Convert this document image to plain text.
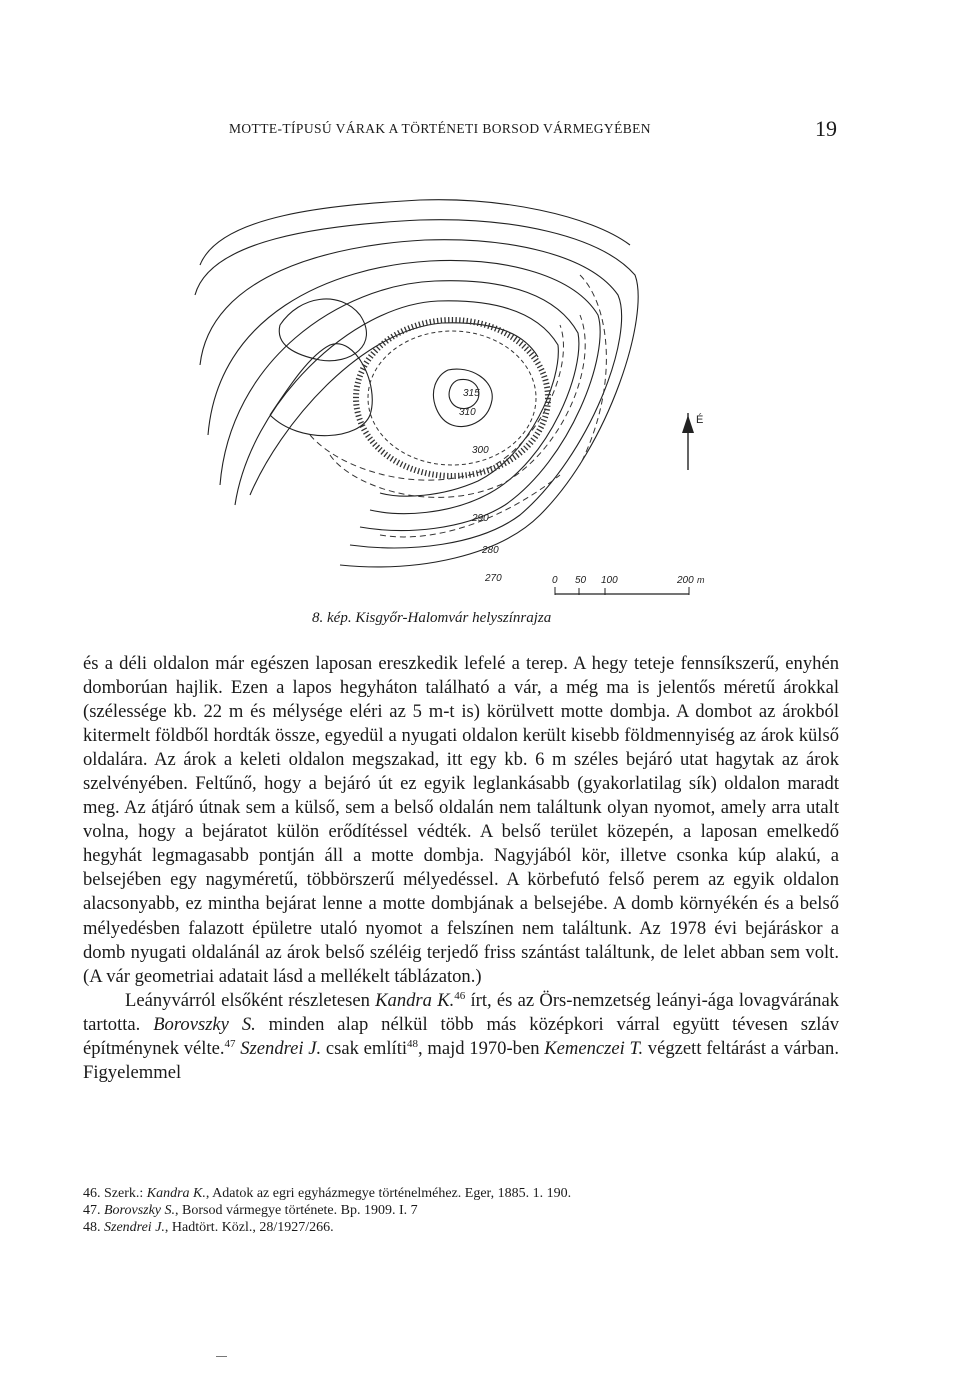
MOTTE-TÍPUSÚ VÁRAK A TÖRTÉNETI BORSOD VÁRMEGYÉBEN	19
315
310
300
290
280
270
É
0 50 100	200 m
8. kép. Kisgyőr-Halomvár helyszínrajza

és a déli oldalon már egészen laposan ereszkedik lefelé a terep. A hegy teteje fennsíkszerű, enyhén domborúan hajlik. Ezen a lapos hegyháton található a vár, a még ma is jelentős méretű árokkal (szélessége kb. 22 m és mélysége eléri az 5 m-t is) körülvett motte dombja. A dombot az árokból kitermelt földből hordták össze, egyedül a nyugati oldalon került kisebb földmennyiség az árok külső oldalára. Az árok a keleti oldalon megszakad, itt egy kb. 6 m széles bejáró utat hagytak az árok szelvényében. Feltűnő, hogy a bejáró út ez egyik leglankásabb (gyakorlatilag sík) oldalon maradt meg. Az átjáró útnak sem a külső, sem a belső oldalán nem találtunk olyan nyomot, amely arra utalt volna, hogy a bejáratot külön erődítéssel védték. A belső terület közepén, a laposan emelkedő hegyhát legmagasabb pontján áll a motte dombja. Nagyjából kör, illetve csonka kúp alakú, a belsejében egy nagyméretű, többörszerű mélyedéssel. A körbefutó felső perem az egyik oldalon alacsonyabb, ez mintha bejárat lenne a motte dombjának a belsejébe. A domb környékén és a belső mélyedésben falazott épületre utaló nyomot a felszínen nem találtunk. Az 1978 évi bejáráskor a domb nyugati oldalánál az árok belső széléig terjedő friss szántást találtunk, de lelet abban sem volt. (A vár geometriai adatait lásd a mellékelt táblázaton.)

Leányvárról elsőként részletesen Kandra K.$^{46}$ írt, és az Örs-nemzetség leányi-ága lovagvárának tartotta. Borovszky S. minden alap nélkül több más középkori várral együtt tévesen szláv építménynek vélte.$^{47}$ Szendrei J. csak említi$^{48}$, majd 1970-ben Kemenczei T. végzett feltárást a várban. Figyelemmel

46. Szerk.: Kandra K., Adatok az egri egyházmegye történelméhez. Eger, 1885. 1. 190.

47. Borovszky S., Borsod vármegye története. Bp. 1909. I. 7

48. Szendrei J., Hadtört. Közl., 28/1927/266.
